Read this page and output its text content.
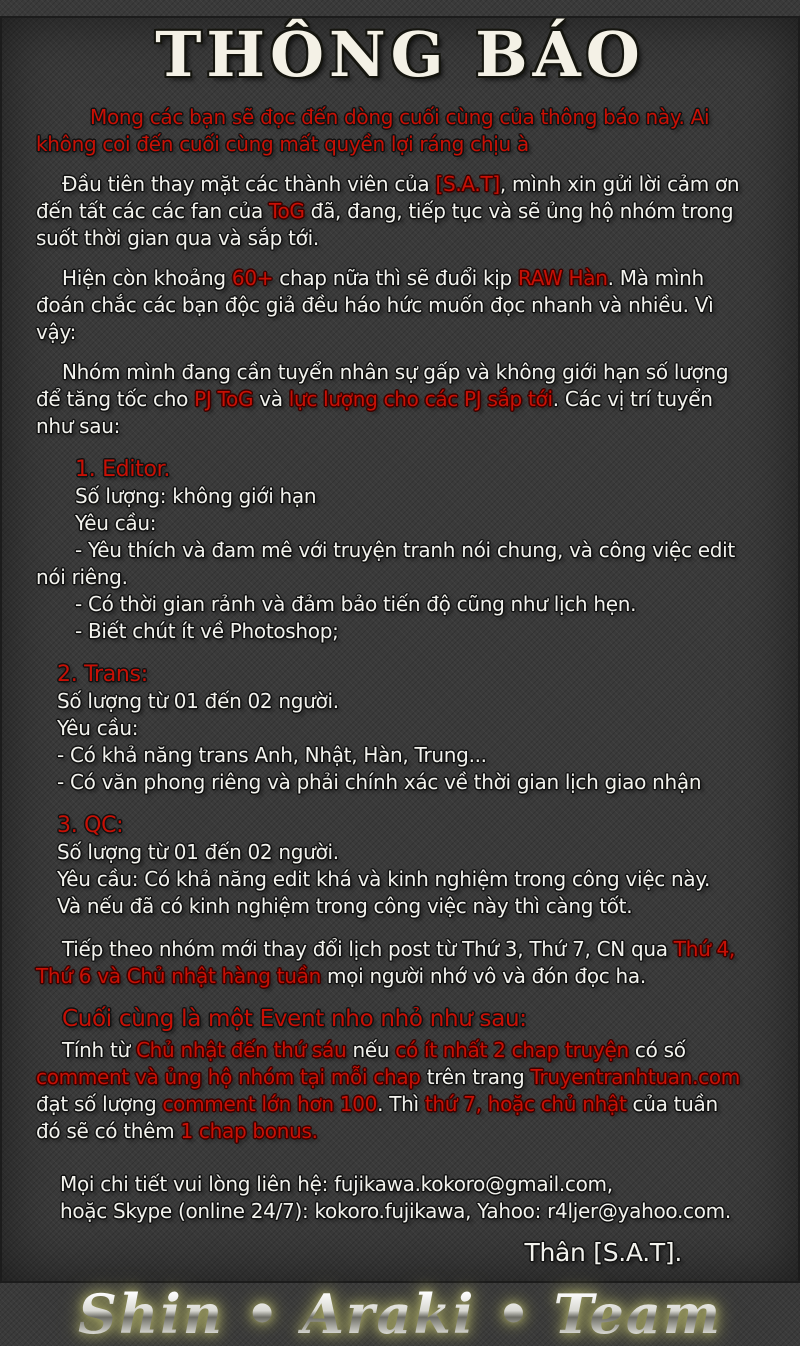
THÔNG BÁO

Mong các bạn sẽ đọc đến dòng cuối cùng của thông báo này. Ai không coi đến cuối cùng mất quyền lợi ráng chịu à

Đầu tiên thay mặt các thành viên của [S.A.T], mình xin gửi lời cảm ơn đến tất các các fan của ToG đã, đang, tiếp tục và sẽ ủng hộ nhóm trong suốt thời gian qua và sắp tới.

Hiện còn khoảng 60+ chap nữa thì sẽ đuổi kịp RAW Hàn. Mà mình đoán chắc các bạn độc giả đều háo hức muốn đọc nhanh và nhiều. Vì vậy:

Nhóm mình đang cần tuyển nhân sự gấp và không giới hạn số lượng để tăng tốc cho PJ ToG và lực lượng cho các PJ sắp tới. Các vị trí tuyển như sau:

1. Editor.
Số lượng: không giới hạn
Yêu cầu:
- Yêu thích và đam mê với truyện tranh nói chung, và công việc edit nói riêng.
- Có thời gian rảnh và đảm bảo tiến độ cũng như lịch hẹn.
- Biết chút ít về Photoshop;
2. Trans:
Số lượng từ 01 đến 02 người.
Yêu cầu:
- Có khả năng trans Anh, Nhật, Hàn, Trung...
- Có văn phong riêng và phải chính xác về thời gian lịch giao nhận
3. QC:
Số lượng từ 01 đến 02 người.
Yêu cầu: Có khả năng edit khá và kinh nghiệm trong công việc này.
Và nếu đã có kinh nghiệm trong công việc này thì càng tốt.

Tiếp theo nhóm mới thay đổi lịch post từ Thứ 3, Thứ 7, CN qua Thứ 4, Thứ 6 và Chủ nhật hàng tuần mọi người nhớ vô và đón đọc ha.

Cuối cùng là một Event nho nhỏ như sau:

Tính từ Chủ nhật đến thứ sáu nếu có ít nhất 2 chap truyện có số comment và ủng hộ nhóm tại mỗi chap trên trang Truyentranhtuan.com đạt số lượng comment lớn hơn 100. Thì thứ 7, hoặc chủ nhật của tuần đó sẽ có thêm 1 chap bonus.

Mọi chi tiết vui lòng liên hệ: fujikawa.kokoro@gmail.com,
hoặc Skype (online 24/7): kokoro.fujikawa, Yahoo: r4ljer@yahoo.com.
Thân [S.A.T].
Shin • Araki • Team
